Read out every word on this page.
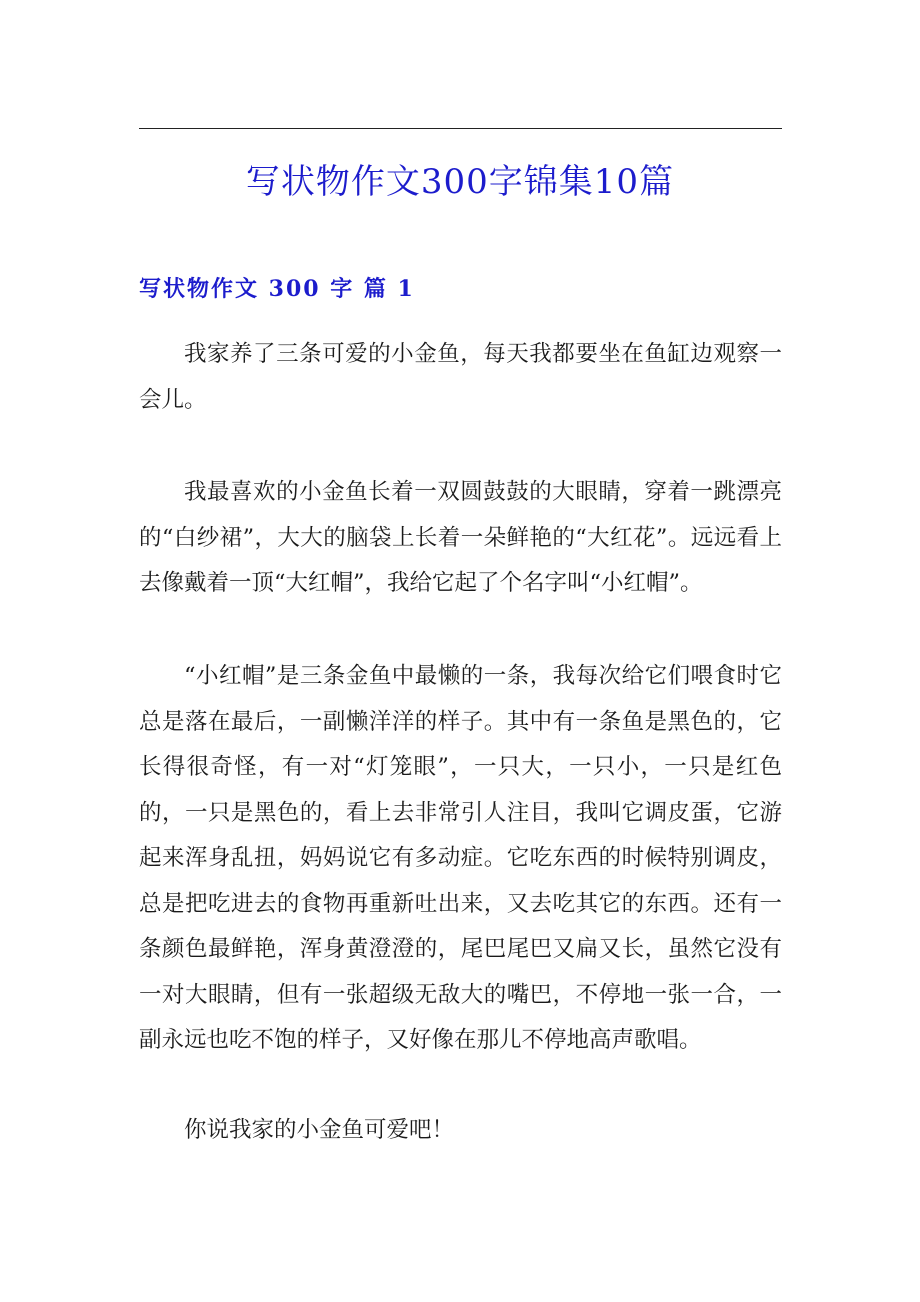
写状物作文300字锦集10篇
写状物作文 300 字 篇 1

我家养了三条可爱的小金鱼，每天我都要坐在鱼缸边观察一会儿。

我最喜欢的小金鱼长着一双圆鼓鼓的大眼睛，穿着一跳漂亮的“白纱裙”，大大的脑袋上长着一朵鲜艳的“大红花”。远远看上去像戴着一顶“大红帽”，我给它起了个名字叫“小红帽”。

“小红帽”是三条金鱼中最懒的一条，我每次给它们喂食时它总是落在最后，一副懒洋洋的样子。其中有一条鱼是黑色的，它长得很奇怪，有一对“灯笼眼”，一只大，一只小，一只是红色的，一只是黑色的，看上去非常引人注目，我叫它调皮蛋，它游起来浑身乱扭，妈妈说它有多动症。它吃东西的时候特别调皮，总是把吃进去的食物再重新吐出来，又去吃其它的东西。还有一条颜色最鲜艳，浑身黄澄澄的，尾巴尾巴又扁又长，虽然它没有一对大眼睛，但有一张超级无敌大的嘴巴，不停地一张一合，一副永远也吃不饱的样子，又好像在那儿不停地高声歌唱。

你说我家的小金鱼可爱吧！
